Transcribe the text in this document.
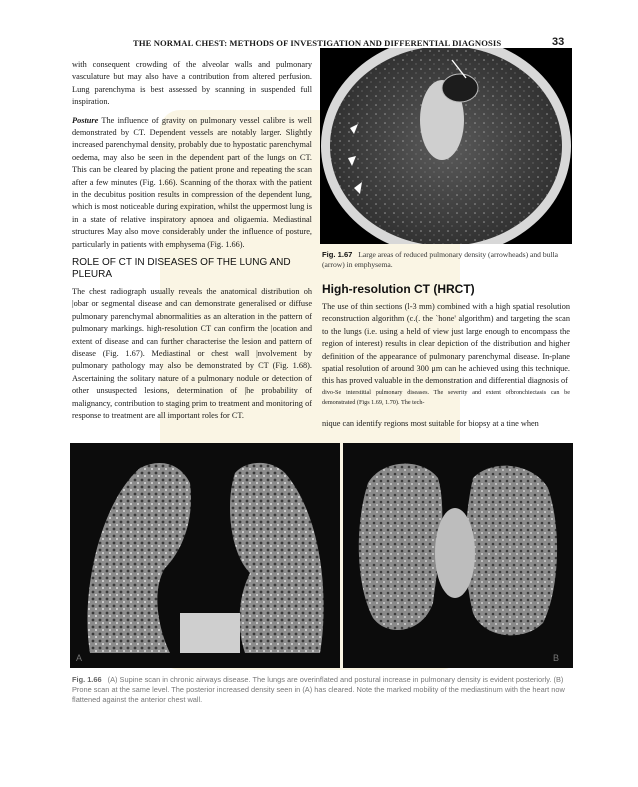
THE NORMAL CHEST: METHODS OF INVESTIGATION AND DIFFERENTIAL DIAGNOSIS	33

with consequent crowding of the alveolar walls and pulmonary vasculature but may also have a contribution from altered perfusion. Lung parenchyma is best assessed by scanning in suspended full inspiration.

Posture The influence of gravity on pulmonary vessel calibre is well demonstrated by CT. Dependent vessels are notably larger. Slightly increased parenchymal density, probably due to hypostatic parenchymal oedema, may also be seen in the dependent part of the lungs on CT. This can be cleared by placing the patient prone and repeating the scan after a few minutes (Fig. 1.66). Scanning of the thorax with the patient in the decubitus position results in compression of the dependent lung, which is most noticeable during expiration, whilst the uppermost lung is in a state of relative inspiratory apnoea and oligaemia. Mediastinal structures May also move considerably under the influence of posture, particularly in patients with emphysema (Fig. 1.66).

ROLE OF CT IN DISEASES OF THE LUNG AND PLEURA

The chest radiograph usually reveals the anatomical distribution oh |obar or segmental disease and can demonstrate generalised or diffuse pulmonary parenchymal abnormalities as an alteration in the pattern of pulmonary markings. high-resolution CT can confirm the |ocation and extent of disease and can further characterise the lesion and pattern of disease (Fig. 1.67). Mediastinal or chest wall |nvolvement by pulmonary pathology may also be demonstrated by CT (Fig. 1.68). Ascertaining the solitary nature of a pulmonary nodule or detection of other unsuspected lesions, determination of |he probability of malignancy, contribution to staging prim to treatment and monitoring of response to treatment are all important roles for CT.

Fig. 1.67 Large areas of reduced pulmonary density (arrowheads) and bulla (arrow) in emphysema.
High-resolution CT (HRCT)

The use of thin sections (l-3 mm) combined with a high spatial resolution reconstruction algorithm (c.(. the `hone' algorithm) and targeting the scan to the lungs (i.e. using a held of view just large enough to encompass the region of interest) results in clear depiction of the distribution and higher definition of the appearance of pulmonary parenchymal disease. In-plane spatial resolution of around 300 μm can he achieved using this technique. this has proved valuable in the demonstration and differential diagnosis of

divo-Se interstitial pulmonary diseases. The severity and extent ofbronchiectasis can be demonstrated (Figs 1.69, 1.70). The tech-

nique can identify regions most suitable for biopsy at a tine when

A	B
Fig. 1.66 (A) Supine scan in chronic airways disease. The lungs are overinflated and postural increase in pulmonary density is evident posteriorly. (B) Prone scan at the same level. The posterior increased density seen in (A) has cleared. Note the marked mobility of the mediastinum with the heart now flattened against the anterior chest wall.
